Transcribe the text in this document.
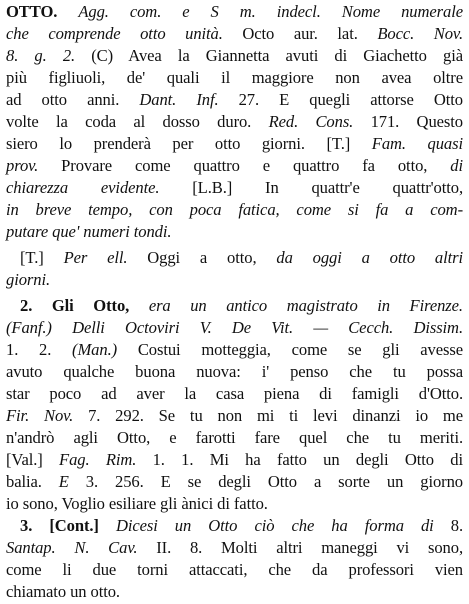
OTTO. Agg. com. e S m. indecl. Nome numerale
che comprende otto unità. Octo aur. lat. Bocc. Nov.
8. g. 2. (C) Avea la Giannetta avuti di Giachetto già
più figliuoli, de' quali il maggiore non avea oltre
ad otto anni. Dant. Inf. 27. E quegli attorse Otto
volte la coda al dosso duro. Red. Cons. 171. Questo
siero lo prenderà per otto giorni. [T.] Fam. quasi
prov. Provare come quattro e quattro fa otto, di
chiarezza evidente. [L.B.] In quattr'e quattr'otto,
in breve tempo, con poca fatica, come si fa a com-
putare que' numeri tondi.
[T.] Per ell. Oggi a otto, da oggi a otto altri
giorni.
2. Gli Otto, era un antico magistrato in Firenze.
(Fanf.) Delli Octoviri V. De Vit. — Cecch. Dissim.
1. 2. (Man.) Costui motteggia, come se gli avesse
avuto qualche buona nuova: i' penso che tu possa
star poco ad aver la casa piena di famigli d'Otto.
Fir. Nov. 7. 292. Se tu non mi ti levi dinanzi io me
n'andrò agli Otto, e farotti fare quel che tu meriti.
[Val.] Fag. Rim. 1. 1. Mi ha fatto un degli Otto di
balia. E 3. 256. E se degli Otto a sorte un giorno
io sono, Voglio esiliare gli ànici di fatto.
3. [Cont.] Dicesi un Otto ciò che ha forma di 8.
Santap. N. Cav. II. 8. Molti altri maneggi vi sono,
come li due torni attaccati, che da professori vien
chiamato un otto.
